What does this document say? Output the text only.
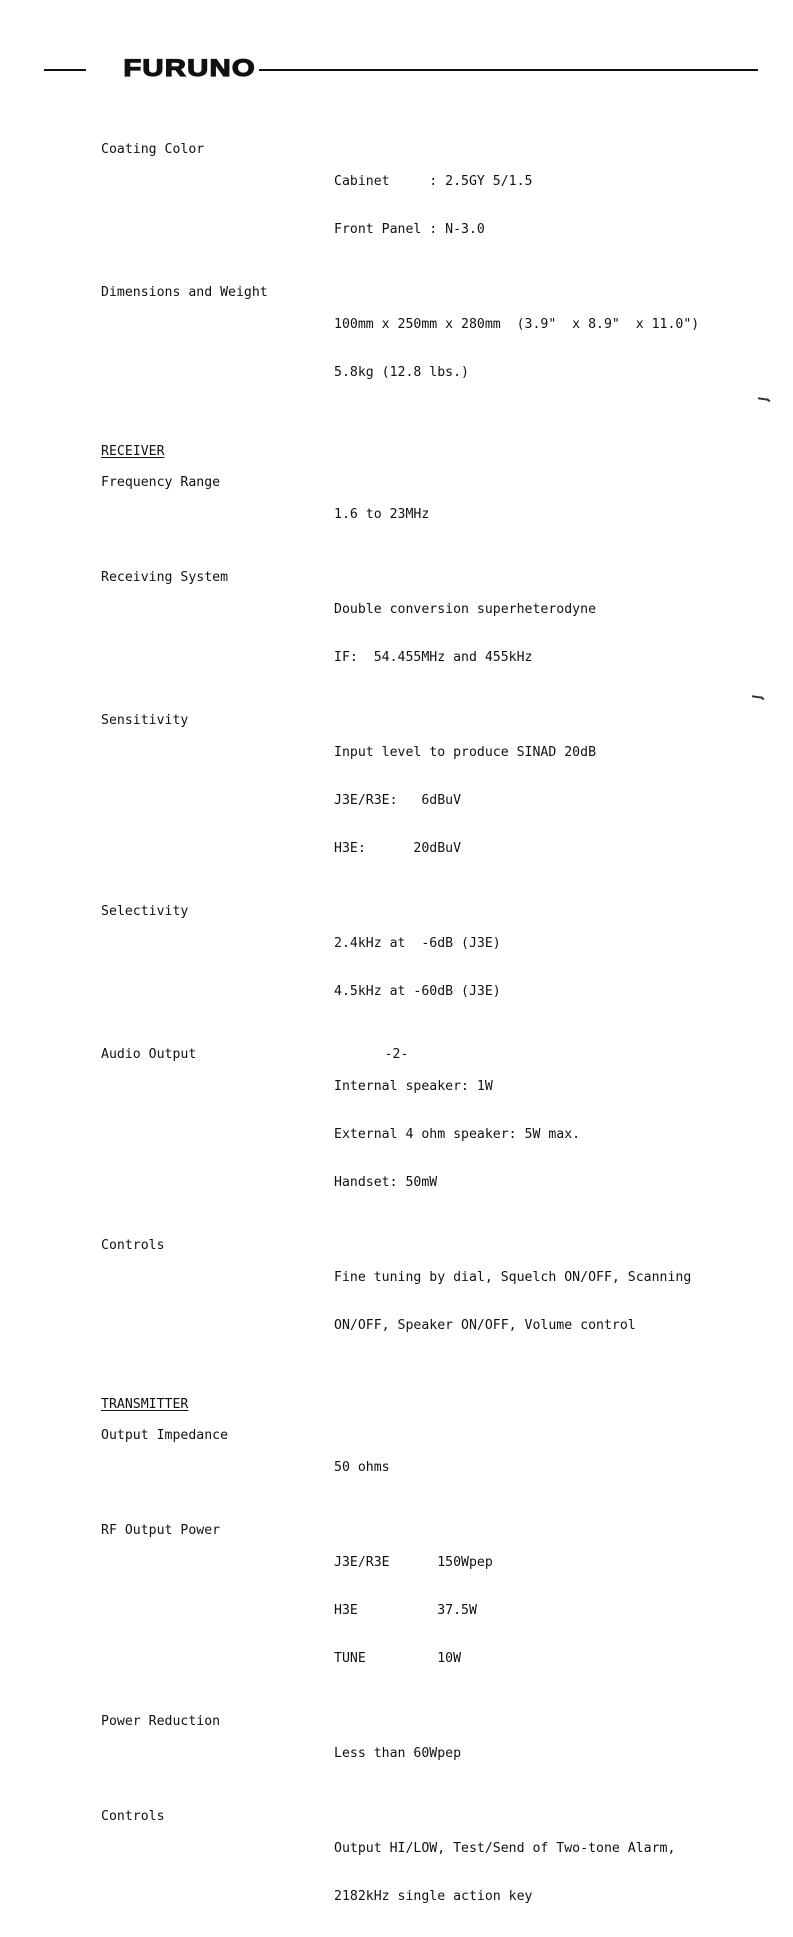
FURUNO
Coating Color

Cabinet     : 2.5GY 5/1.5

Front Panel : N-3.0

Dimensions and Weight

100mm x 250mm x 280mm  (3.9"  x 8.9"  x 11.0")

5.8kg (12.8 lbs.)

RECEIVER
Frequency Range

1.6 to 23MHz

Receiving System

Double conversion superheterodyne

IF:  54.455MHz and 455kHz

Sensitivity

Input level to produce SINAD 20dB

J3E/R3E:   6dBuV

H3E:      20dBuV

Selectivity

2.4kHz at  -6dB (J3E)

4.5kHz at -60dB (J3E)

Audio Output

Internal speaker: 1W

External 4 ohm speaker: 5W max.

Handset: 50mW

Controls

Fine tuning by dial, Squelch ON/OFF, Scanning

ON/OFF, Speaker ON/OFF, Volume control

TRANSMITTER
Output Impedance

50 ohms

RF Output Power

J3E/R3E      150Wpep

H3E          37.5W

TUNE         10W

Power Reduction

Less than 60Wpep

Controls

Output HI/LOW, Test/Send of Two-tone Alarm,

2182kHz single action key

-2-
